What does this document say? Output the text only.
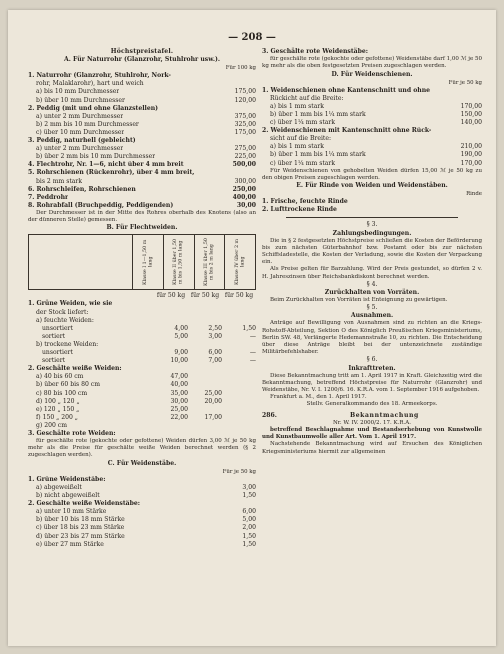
— 208 —
Höchstpreistafel.
A. Für Naturrohr (Glanzrohr, Stuhlrohr usw.).
Für 100 kg
1. Naturrohr (Glanzrohr, Stuhlrohr, Nork-
rohr, Malaklarohr), hart und weich
a) bis 10 mm Durchmesser	175,00
b) über 10 mm Durchmesser	120,00
2. Peddig (mit und ohne Glanzstellen)
a) unter 2 mm Durchmesser	375,00
b) 2 mm bis 10 mm Durchmesser	325,00
c) über 10 mm Durchmesser	175,00
3. Peddig, naturhell (gebleicht)
a) unter 2 mm Durchmesser	275,00
b) über 2 mm bis 10 mm Durchmesser	225,00
4. Flechtrohr, Nr. 1—6, nicht über 4 mm breit	500,00
5. Rohrschienen (Rückenrohr), über 4 mm breit,
bis 2 mm stark	300,00
6. Rohrschleifen, Rohrschienen	250,00
7. Peddrohr	400,00
8. Rohrabfall (Bruchpeddig, Peddigenden)	30,00
Der Durchmesser ist in der Mitte des Rohres oberhalb des Knotens (also an der dünneren Stelle) gemessen.
B. Für Flechtweiden.

Klasse I 1—1,50 m lang	Klasse II über 1,50 m bis 1,50 m lang	Klasse III über 1,50 m bis 2 m lang	Klasse IV über 2 m lang
für 50 kg für 50 kg für 50 kg
1. Grüne Weiden, wie sie
der Stock liefert:
a) feuchte Weiden:
unsortiert	4,00	2,50	1,50
sortiert	5,00	3,00	—
b) trockene Weiden:
unsortiert	9,00	6,00	—
sortiert	10,00	7,00	—
2. Geschälte weiße Weiden:
a) 40 bis 60 cm	47,00
b) über 60 bis 80 cm	40,00
c) 80 bis 100 cm	35,00	25,00
d) 100 „ 120 „	30,00	20,00
e) 120 „ 150 „	25,00
f) 150 „ 200 „	22,00	17,00
g) 200 cm
3. Geschälte rote Weiden:
für geschälte rote (gekochte oder gefottene) Weiden dürfen 3,00 ℳ je 50 kg mehr als die Preise für geschälte weiße Weiden berechnet werden (§ 2 zugeschlagen werden).
C. Für Weidenstäbe.
Für je 50 kg
1. Grüne Weidenstäbe:
a) abgeweißelt	3,00
b) nicht abgeweißelt	1,50
2. Geschälte weiße Weidenstäbe:
a) unter 10 mm Stärke	6,00
b) über 10 bis 18 mm Stärke	5,00
c) über 18 bis 23 mm Stärke	2,00
d) über 23 bis 27 mm Stärke	1,50
e) über 27 mm Stärke	1,50
3. Geschälte rote Weidenstäbe:
für geschälte rote (gekochte oder gefottene) Weidenstäbe darf 1,00 ℳ je 50 kg mehr als die oben festgesetzten Preisen zugeschlagen werden.
D. Für Weidenschienen.
Für je 50 kg
1. Weidenschienen ohne Kantenschnitt und ohne
Rückicht auf die Breite:
a) bis 1 mm stark	170,00
b) über 1 mm bis 1¼ mm stark	150,00
c) über 1¼ mm stark	140,00
2. Weidenschienen mit Kantenschnitt ohne Rück-
sicht auf die Breite:
a) bis 1 mm stark	210,00
b) über 1 mm bis 1¼ mm stark	190,00
c) über 1¼ mm stark	170,00
Für Weidenschienen von gehobelten Weiden dürfen 15,00 ℳ je 50 kg zu den obigen Preisen zugeschlagen werden.
E. Für Rinde von Weiden und Weidenstäben.
Rinde
1. Frische, feuchte Rinde
2. Lufttrockene Rinde
§ 3.
Zahlungsbedingungen.
Die in § 2 festgesetzten Höchstpreise schließen die Kosten der Beförderung bis zum nächsten Güterbahnhof bzw. Postamt oder bis zur nächsten Schiffsladestelle, die Kosten der Verladung, sowie die Kosten der Verpackung ein.
Als Preise gelten für Barzahlung. Wird der Preis gestundet, so dürfen 2 v. H. Jahreszinsen über Reichsbankdiskont berechnet werden.
§ 4.
Zurückhalten von Vorräten.
Beim Zurückhalten von Vorräten ist Enteignung zu gewärtigen.
§ 5.
Ausnahmen.
Anträge auf Bewilligung von Ausnahmen sind zu richten an die Kriegs-Rohstoff-Abteilung, Sektion O des Königlich Preußischen Kriegsministeriums, Berlin SW. 48, Verlängerte Hedemannstraße 10, zu richten. Die Entscheidung über diese Anträge bleibt bei der untenzeichnete zuständige Militärbefehlshaber.
§ 6.
Inkrafttreten.
Diese Bekanntmachung tritt am 1. April 1917 in Kraft. Gleichzeitig wird die Bekanntmachung, betreffend Höchstpreise für Naturrohr (Glanzrohr) und Weidenstäbe, Nr. V. I. 1200/6. 16. K.R.A. vom 1. September 1916 aufgehoben.
Frankfurt a. M., den 1. April 1917.
Stellv. Generalkommando des 18. Armeekorps.
286.	Bekanntmachung
Nr. W. IV. 2000/2. 17. K.R.A.
betreffend Beschlagnahme und Bestandserhebung von Kunstwolle und Kunstbaumwolle aller Art. Vom 1. April 1917.
Nachstehende Bekanntmachung wird auf Ersuchen des Königlichen Kriegsministeriums hiermit zur allgemeinen
